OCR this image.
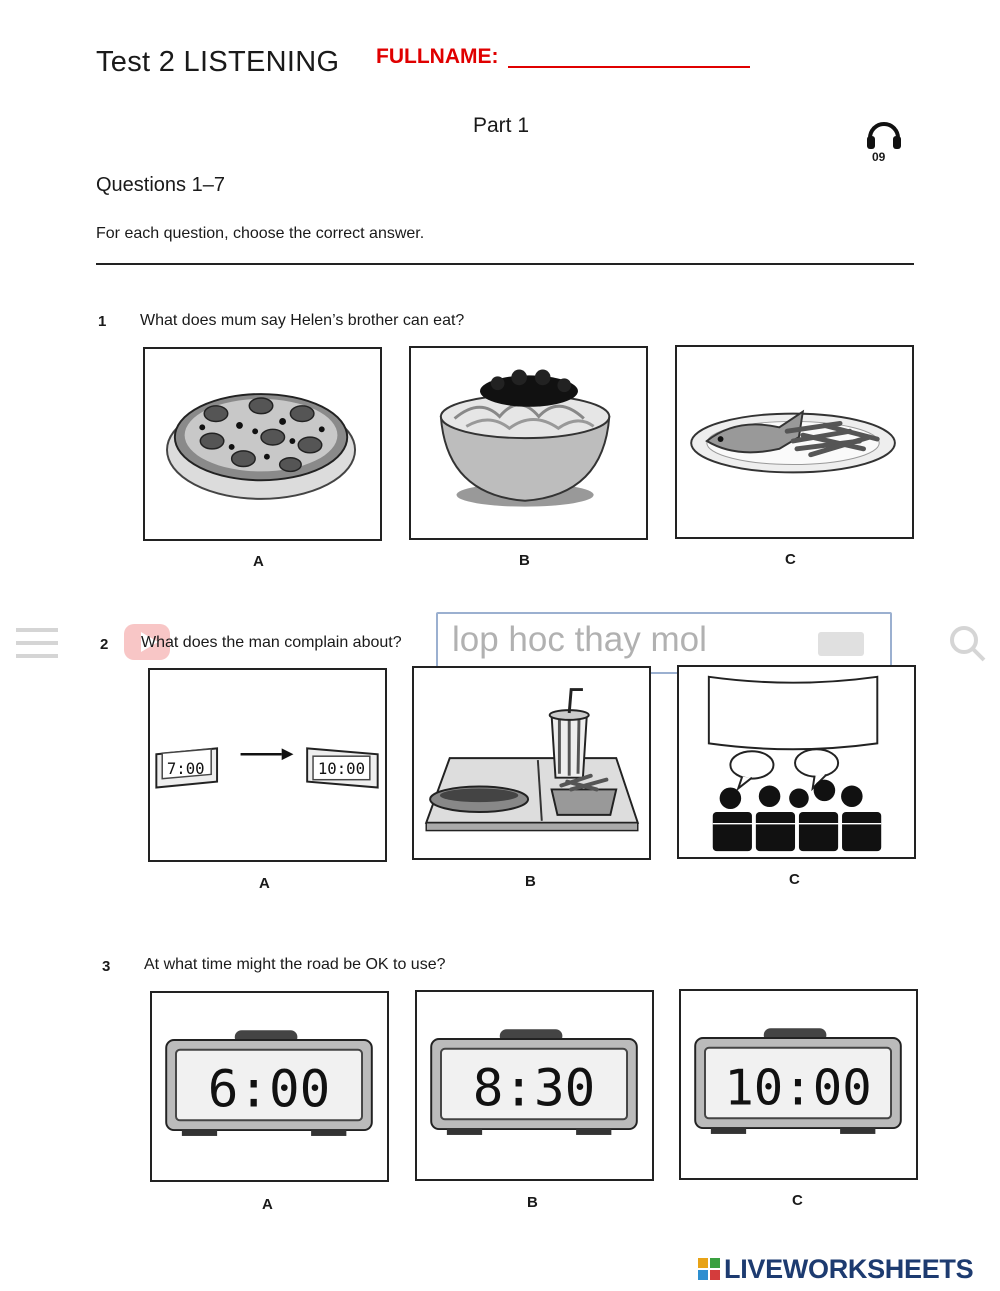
Test 2 LISTENING FULLNAME:
Part 1
09
Questions 1–7
For each question, choose the correct answer.
1 What does mum say Helen’s brother can eat?
A	B	C
lop hoc thay mol
2 What does the man complain about?
7:00	10:00
A	B	C
3 At what time might the road be OK to use?
6:00	8:30	10:00
A	B	C
LIVEWORKSHEETS
